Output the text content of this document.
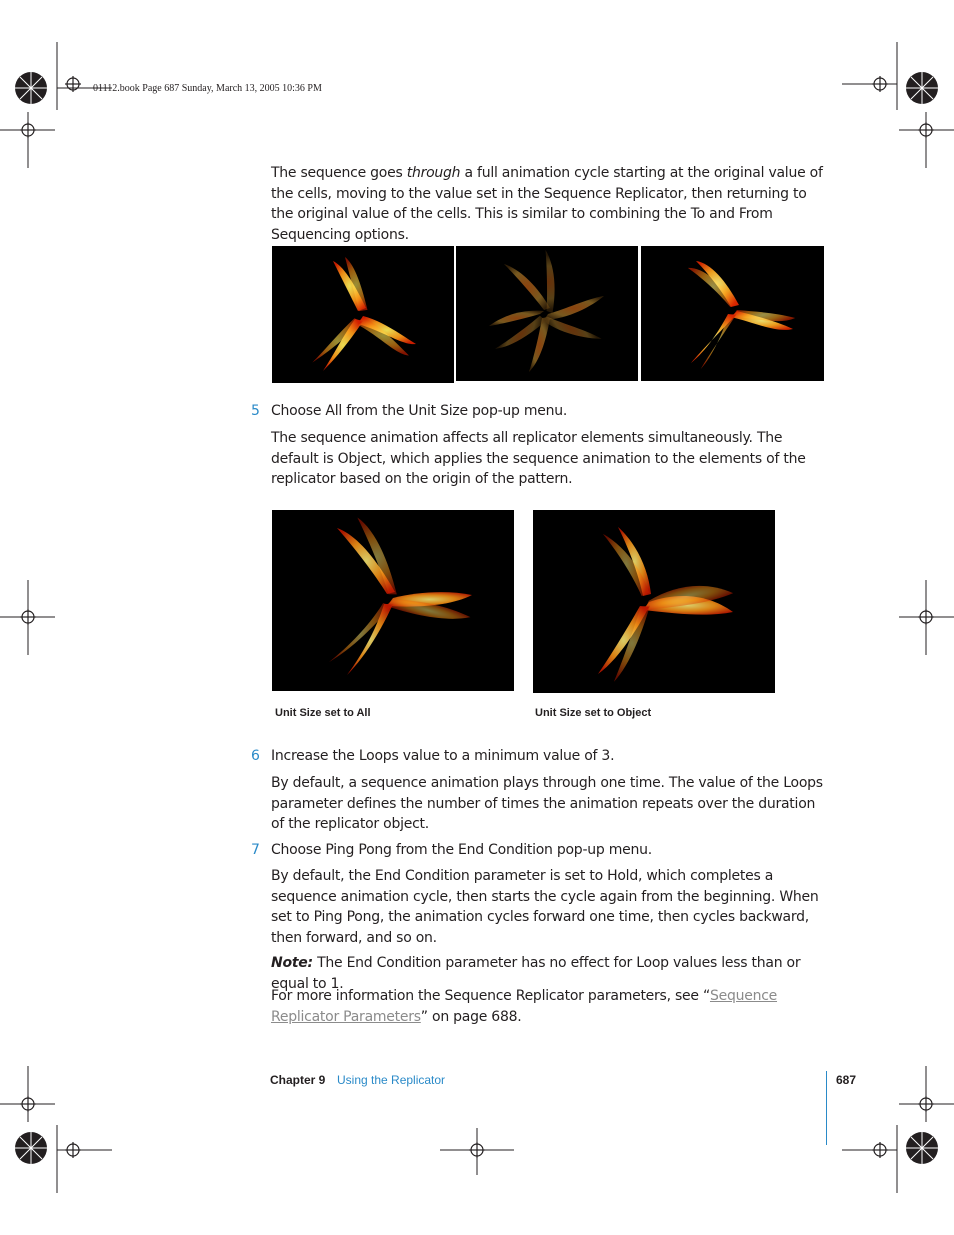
01112.book Page 687 Sunday, March 13, 2005 10:36 PM

The sequence goes through a full animation cycle starting at the original value of the cells, moving to the value set in the Sequence Replicator, then returning to the original value of the cells. This is similar to combining the To and From Sequencing options.

5 Choose All from the Unit Size pop-up menu.

The sequence animation affects all replicator elements simultaneously. The default is Object, which applies the sequence animation to the elements of the replicator based on the origin of the pattern.

Unit Size set to All	Unit Size set to Object
6 Increase the Loops value to a minimum value of 3.

By default, a sequence animation plays through one time. The value of the Loops parameter defines the number of times the animation repeats over the duration of the replicator object.

7 Choose Ping Pong from the End Condition pop-up menu.

By default, the End Condition parameter is set to Hold, which completes a sequence animation cycle, then starts the cycle again from the beginning. When set to Ping Pong, the animation cycles forward one time, then cycles backward, then forward, and so on.

Note: The End Condition parameter has no effect for Loop values less than or equal to 1.

For more information the Sequence Replicator parameters, see “Sequence Replicator Parameters” on page 688.

Chapter 9 Using the Replicator	687
